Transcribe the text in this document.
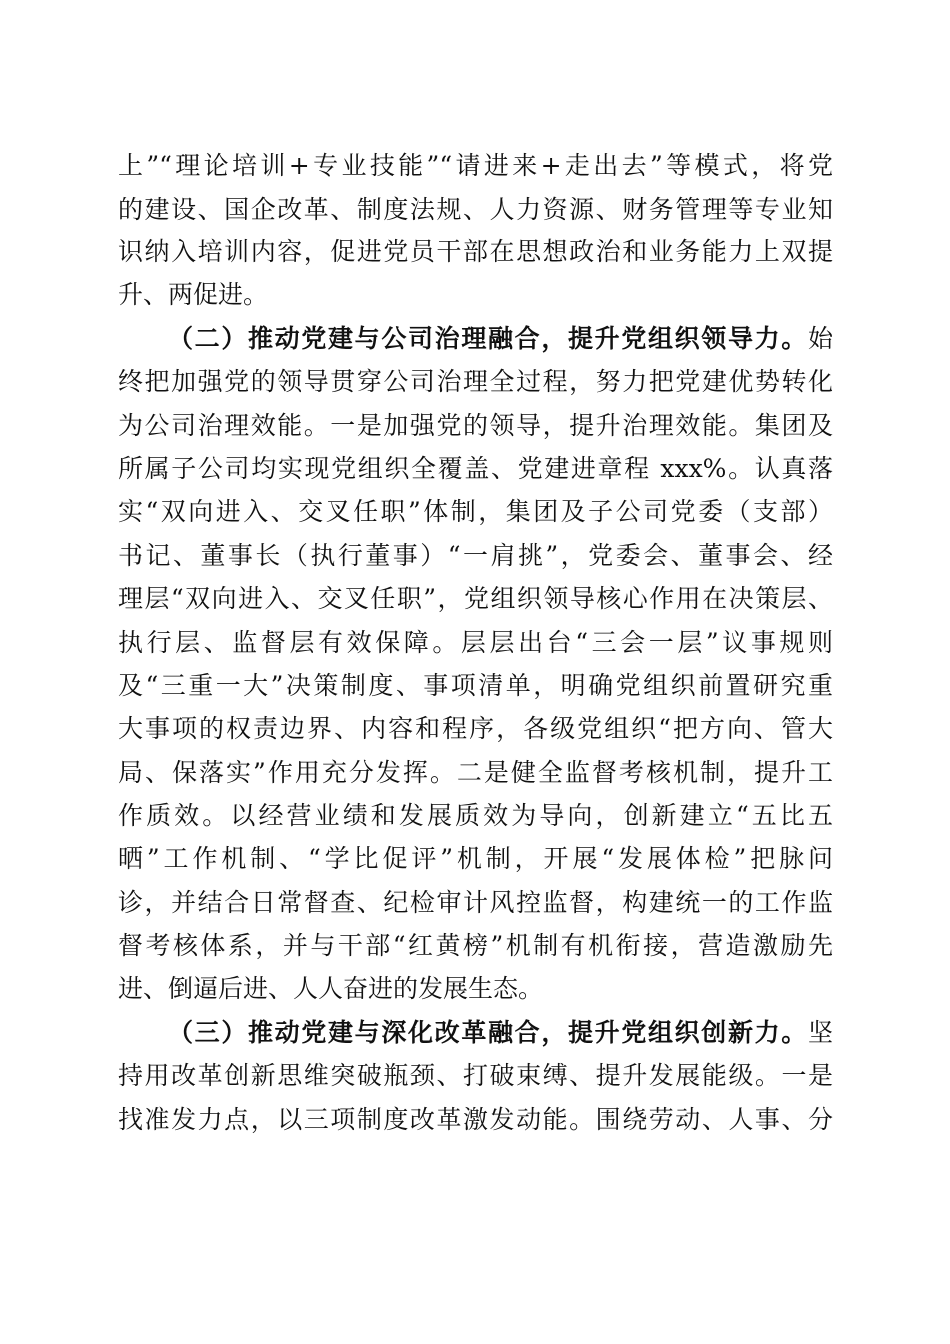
上”“理论培训+专业技能”“请进来+走出去”等模式，将党
的建设、国企改革、制度法规、人力资源、财务管理等专业知
识纳入培训内容，促进党员干部在思想政治和业务能力上双提
升、两促进。
（二）推动党建与公司治理融合，提升党组织领导力。始
终把加强党的领导贯穿公司治理全过程，努力把党建优势转化
为公司治理效能。一是加强党的领导，提升治理效能。集团及
所属子公司均实现党组织全覆盖、党建进章程 xxx%。认真落
实“双向进入、交叉任职”体制，集团及子公司党委（支部）
书记、董事长（执行董事）“一肩挑”，党委会、董事会、经
理层“双向进入、交叉任职”，党组织领导核心作用在决策层、
执行层、监督层有效保障。层层出台“三会一层”议事规则
及“三重一大”决策制度、事项清单，明确党组织前置研究重
大事项的权责边界、内容和程序，各级党组织“把方向、管大
局、保落实”作用充分发挥。二是健全监督考核机制，提升工
作质效。以经营业绩和发展质效为导向，创新建立“五比五
晒”工作机制、“学比促评”机制，开展“发展体检”把脉问
诊，并结合日常督查、纪检审计风控监督，构建统一的工作监
督考核体系，并与干部“红黄榜”机制有机衔接，营造激励先
进、倒逼后进、人人奋进的发展生态。
（三）推动党建与深化改革融合，提升党组织创新力。坚
持用改革创新思维突破瓶颈、打破束缚、提升发展能级。一是
找准发力点，以三项制度改革激发动能。围绕劳动、人事、分
